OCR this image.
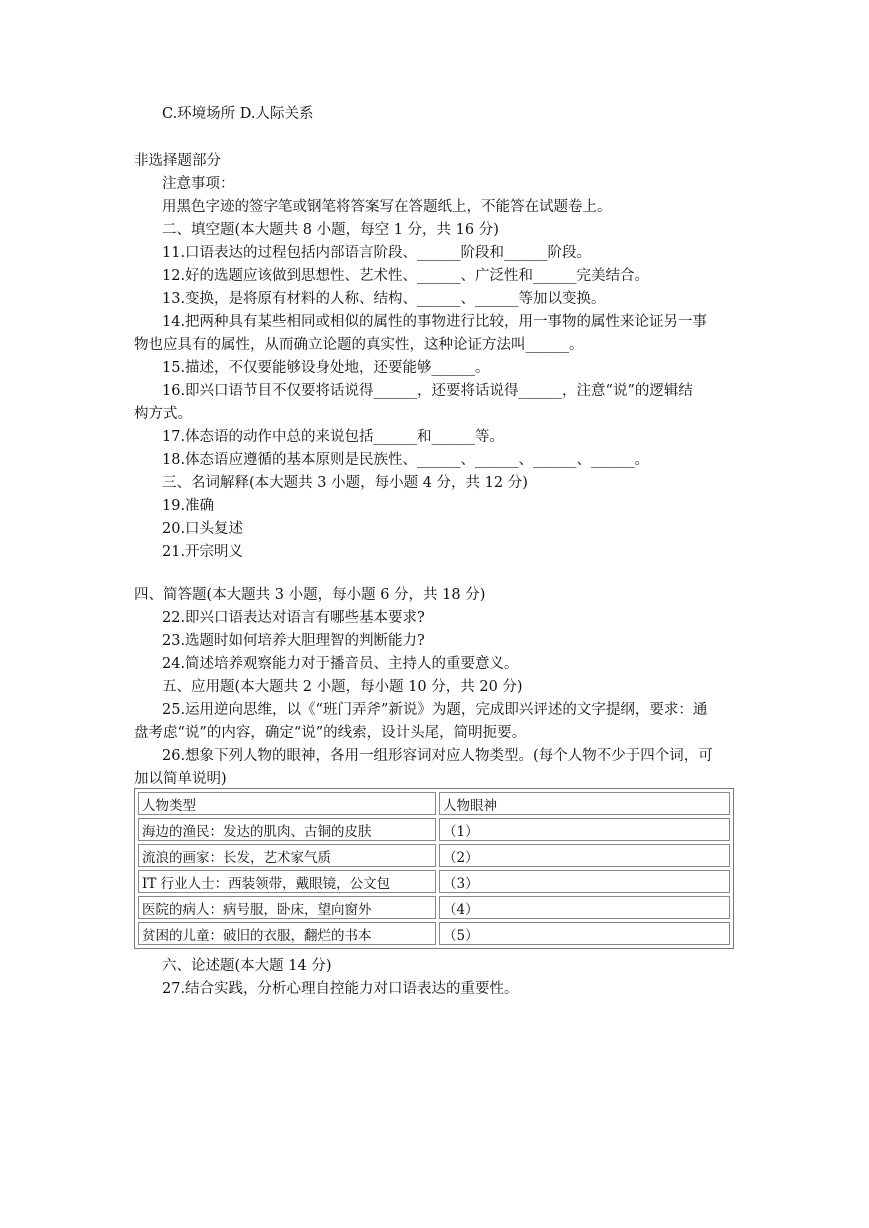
C.环境场所 D.人际关系
非选择题部分
注意事项：
用黑色字迹的签字笔或钢笔将答案写在答题纸上，不能答在试题卷上。
二、填空题(本大题共 8 小题，每空 1 分，共 16 分)
11.口语表达的过程包括内部语言阶段、______阶段和______阶段。
12.好的选题应该做到思想性、艺术性、______、广泛性和______完美结合。
13.变换，是将原有材料的人称、结构、______、______等加以变换。
14.把两种具有某些相同或相似的属性的事物进行比较，用一事物的属性来论证另一事
物也应具有的属性，从而确立论题的真实性，这种论证方法叫______。
15.描述，不仅要能够设身处地，还要能够______。
16.即兴口语节目不仅要将话说得______，还要将话说得______，注意“说”的逻辑结
构方式。
17.体态语的动作中总的来说包括______和______等。
18.体态语应遵循的基本原则是民族性、______、______、______、______。
三、名词解释(本大题共 3 小题，每小题 4 分，共 12 分)
19.准确
20.口头复述
21.开宗明义
四、简答题(本大题共 3 小题，每小题 6 分，共 18 分)
22.即兴口语表达对语言有哪些基本要求?
23.选题时如何培养大胆理智的判断能力?
24.简述培养观察能力对于播音员、主持人的重要意义。
五、应用题(本大题共 2 小题，每小题 10 分，共 20 分)
25.运用逆向思维，以《“班门弄斧”新说》为题，完成即兴评述的文字提纲，要求：通
盘考虑“说”的内容，确定“说”的线索，设计头尾，简明扼要。
26.想象下列人物的眼神，各用一组形容词对应人物类型。(每个人物不少于四个词，可
加以简单说明)
人物类型	人物眼神
海边的渔民：发达的肌肉、古铜的皮肤	（1）
流浪的画家：长发，艺术家气质	（2）
IT 行业人士：西装领带，戴眼镜，公文包	（3）
医院的病人：病号服，卧床，望向窗外	（4）
贫困的儿童：破旧的衣服，翻烂的书本	（5）
六、论述题(本大题 14 分)
27.结合实践，分析心理自控能力对口语表达的重要性。
